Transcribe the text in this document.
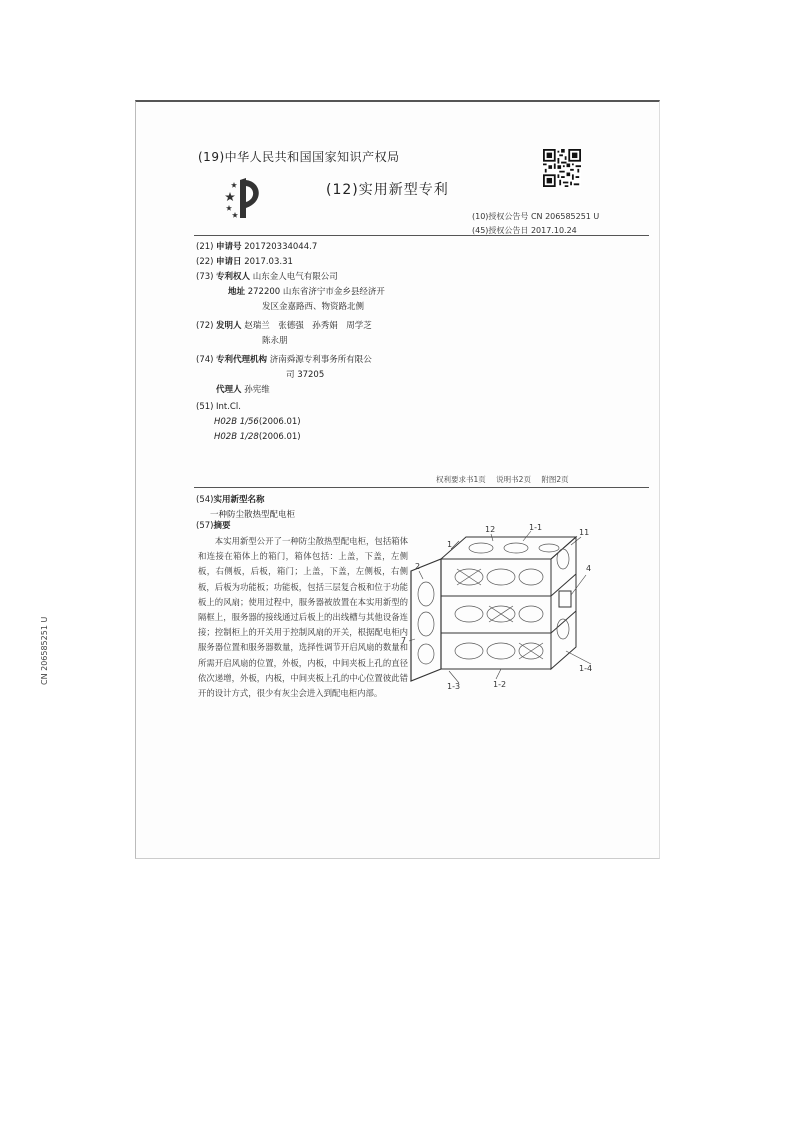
(19)中华人民共和国国家知识产权局
(12)实用新型专利
(10)授权公告号 CN 206585251 U
(45)授权公告日 2017.10.24
(21) 申请号 201720334044.7
(22) 申请日 2017.03.31
(73) 专利权人 山东金人电气有限公司
地址 272200 山东省济宁市金乡县经济开
发区金嘉路西、物资路北侧
(72) 发明人 赵瑞兰　张德强　孙秀娟　周学芝
陈永朋
(74) 专利代理机构 济南舜源专利事务所有限公
司 37205
代理人 孙宪维
(51) Int.Cl.
H02B 1/56(2006.01)
H02B 1/28(2006.01)
权利要求书1页 说明书2页 附图2页
(54)实用新型名称
一种防尘散热型配电柜
(57)摘要
本实用新型公开了一种防尘散热型配电柜，包括箱体和连接在箱体上的箱门，箱体包括：上盖，下盖，左侧板，右侧板，后板，箱门；上盖，下盖，左侧板，右侧板，后板为功能板；功能板，包括三层复合板和位于功能板上的风扇；使用过程中，服务器被放置在本实用新型的隔框上，服务器的接线通过后板上的出线槽与其他设备连接；控制柜上的开关用于控制风扇的开关，根据配电柜内服务器位置和服务器数量，选择性调节开启风扇的数量和所需开启风扇的位置，外板，内板，中间夹板上孔的直径依次递增，外板，内板，中间夹板上孔的中心位置彼此错开的设计方式，很少有灰尘会进入到配电柜内部。
1
12	1-1
11
2	4
7
1-2
1-3
1-4
CN 206585251 U
